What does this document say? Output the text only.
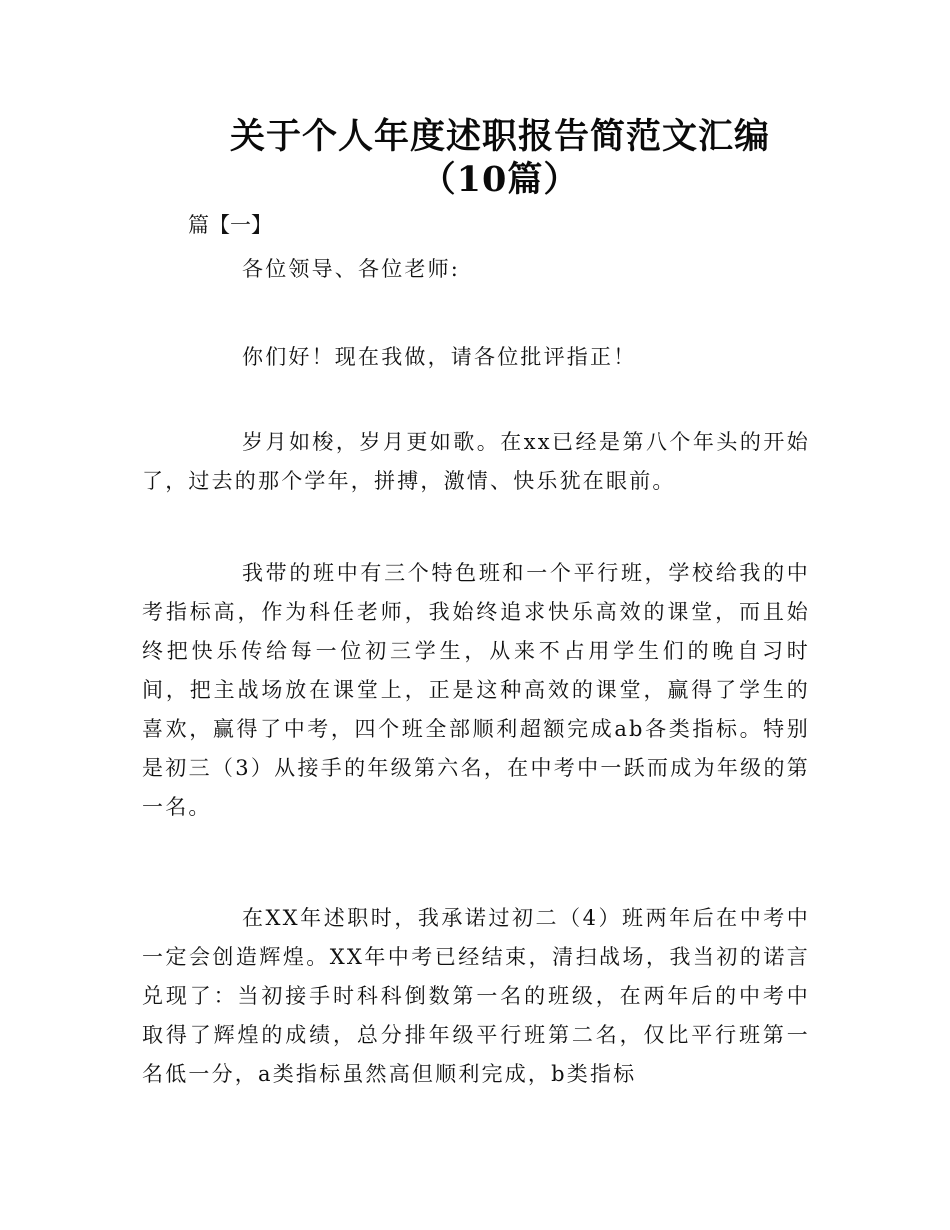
关于个人年度述职报告简范文汇编
（10篇）
篇【一】
各位领导、各位老师:
你们好！现在我做，请各位批评指正！
岁月如梭，岁月更如歌。在xx已经是第八个年头的开始了，过去的那个学年，拼搏，激情、快乐犹在眼前。
我带的班中有三个特色班和一个平行班，学校给我的中考指标高，作为科任老师，我始终追求快乐高效的课堂，而且始终把快乐传给每一位初三学生，从来不占用学生们的晚自习时间，把主战场放在课堂上，正是这种高效的课堂，赢得了学生的喜欢，赢得了中考，四个班全部顺利超额完成ab各类指标。特别是初三（3）从接手的年级第六名，在中考中一跃而成为年级的第一名。
在XX年述职时，我承诺过初二（4）班两年后在中考中一定会创造辉煌。XX年中考已经结束，清扫战场，我当初的诺言兑现了：当初接手时科科倒数第一名的班级，在两年后的中考中取得了辉煌的成绩，总分排年级平行班第二名，仅比平行班第一名低一分，a类指标虽然高但顺利完成，b类指标
